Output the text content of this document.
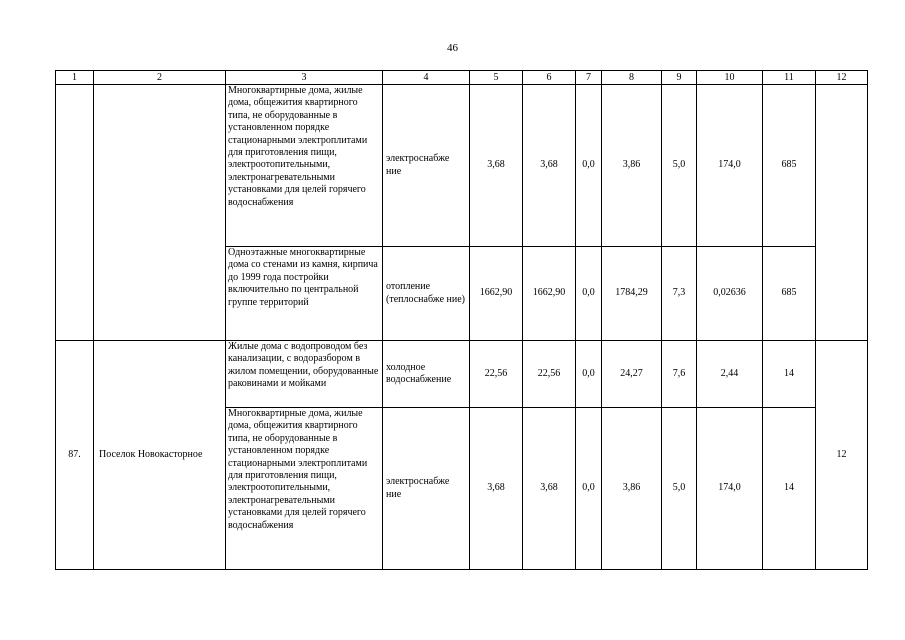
46
1	2	3	4	5	6	7	8	9	10	11	12
		Многоквартирные дома, жилые дома, общежития квартирного типа, не оборудованные в установленном порядке стационарными электроплитами для приготовления пищи, электроотопительными, электронагревательными установками для целей горячего водоснабжения	электроснабже ние	3,68	3,68	0,0	3,86	5,0	174,0	685	
		Одноэтажные многоквартирные дома со стенами из камня, кирпича до 1999 года постройки включительно по центральной группе территорий	отопление (теплоснабже ние)	1662,90	1662,90	0,0	1784,29	7,3	0,02636	685	
87.	Поселок Новокасторное	Жилые дома с водопроводом без канализации, с водоразбором в жилом помещении, оборудованные раковинами и мойками	холодное водоснабжение	22,56	22,56	0,0	24,27	7,6	2,44	14	12
		Многоквартирные дома, жилые дома, общежития квартирного типа, не оборудованные в установленном порядке стационарными электроплитами для приготовления пищи, электроотопительными, электронагревательными установками для целей горячего водоснабжения	электроснабже ние	3,68	3,68	0,0	3,86	5,0	174,0	14	
